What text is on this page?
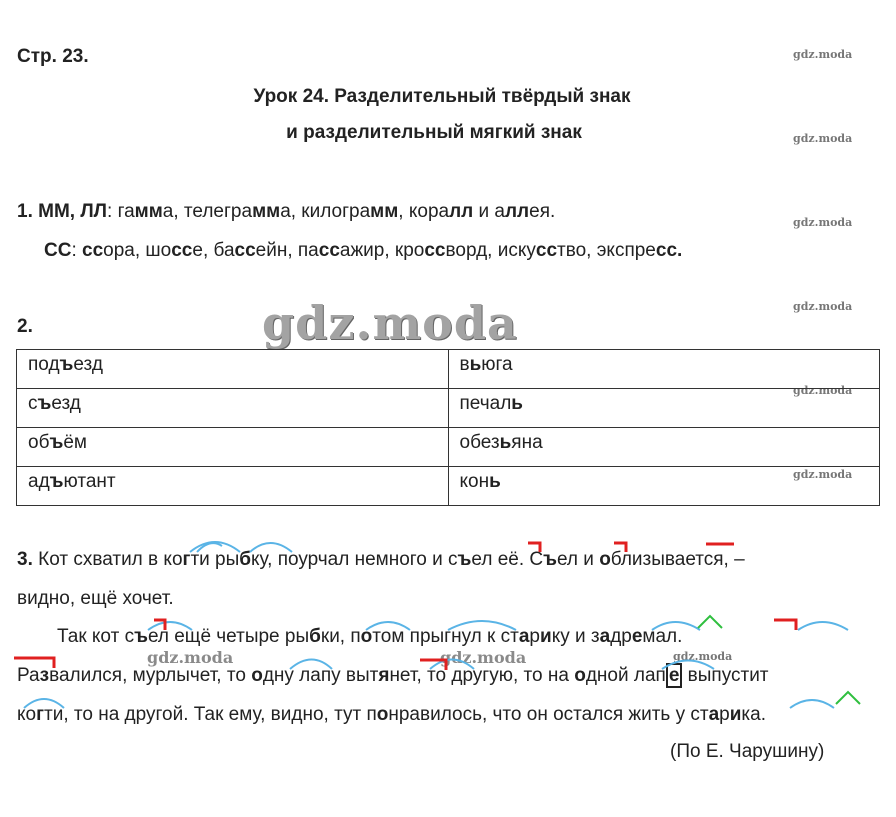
Стр. 23.	gdz.moda
gdz.moda
gdz.moda
gdz.moda
gdz.moda
gdz.moda
Урок 24. Разделительный твёрдый знак
и разделительный мягкий знак
1. ММ, ЛЛ: гамма, телеграмма, килограмм, коралл и аллея.
СС: ссора, шоссе, бассейн, пассажир, кроссворд, искусство, экспресс.
2.	gdz.moda
подъезд	вьюга
съезд	печаль
объём	обезьяна
адъютант	конь
3. Кот схватил в когти рыбку, поурчал немного и съел её. Съел и облизывается, –
видно, ещё хочет.
Так кот съел ещё четыре рыбки, потом прыгнул к старику и задремал.
Развалился, мурлычет, то одну лапу вытянет, то другую, то на одной лап е выпустит
когти, то на другой. Так ему, видно, тут понравилось, что он остался жить у старика.
(По Е. Чарушину)
gdz.moda	gdz.moda	gdz.moda
